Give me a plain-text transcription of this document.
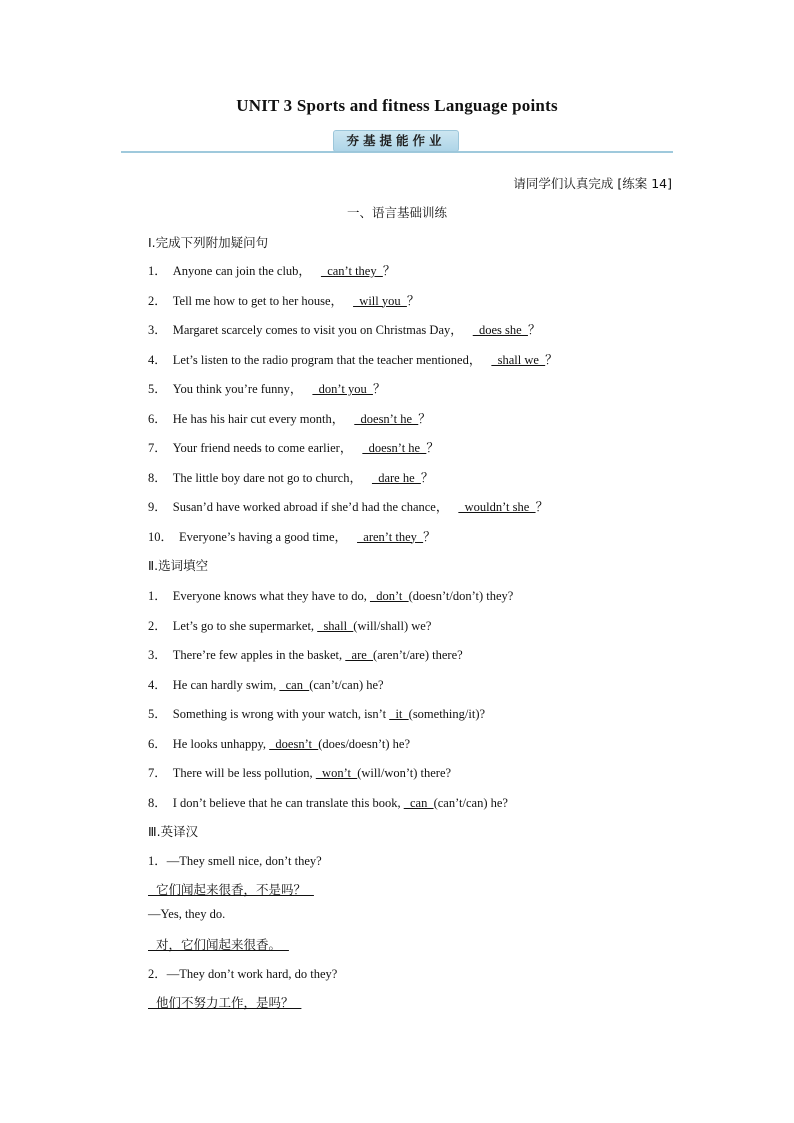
UNIT 3 Sports and fitness Language points
夯基提能作业
请同学们认真完成 [练案 14]
一、语言基础训练
Ⅰ.完成下列附加疑问句
1． Anyone can join the club，  can’t they  ？
2． Tell me how to get to her house，  will you  ？
3． Margaret scarcely comes to visit you on Christmas Day，  does she  ？
4． Let’s listen to the radio program that the teacher mentioned，  shall we  ？
5． You think you’re funny，  don’t you  ？
6． He has his hair cut every month，  doesn’t he  ？
7． Your friend needs to come earlier，  doesn’t he  ？
8． The little boy dare not go to church，  dare he  ？
9． Susan’d have worked abroad if she’d had the chance，  wouldn’t she  ？
10． Everyone’s having a good time，  aren’t they  ？
Ⅱ.选词填空
1． Everyone knows what they have to do,   don’t  (doesn’t/don’t) they?
2． Let’s go to she supermarket,   shall  (will/shall) we?
3． There’re few apples in the basket,   are  (aren’t/are) there?
4． He can hardly swim,   can  (can’t/can) he?
5． Something is wrong with your watch, isn’t   it  (something/it)?
6． He looks unhappy,   doesn’t  (does/doesn’t) he?
7． There will be less pollution,   won’t  (will/won’t) there?
8． I don’t believe that he can translate this book,   can  (can’t/can) he?
Ⅲ.英译汉
1．—They smell nice, don’t they?
它们闻起来很香，不是吗？
—Yes, they do.
对，它们闻起来很香。
2．—They don’t work hard, do they?
他们不努力工作，是吗？
